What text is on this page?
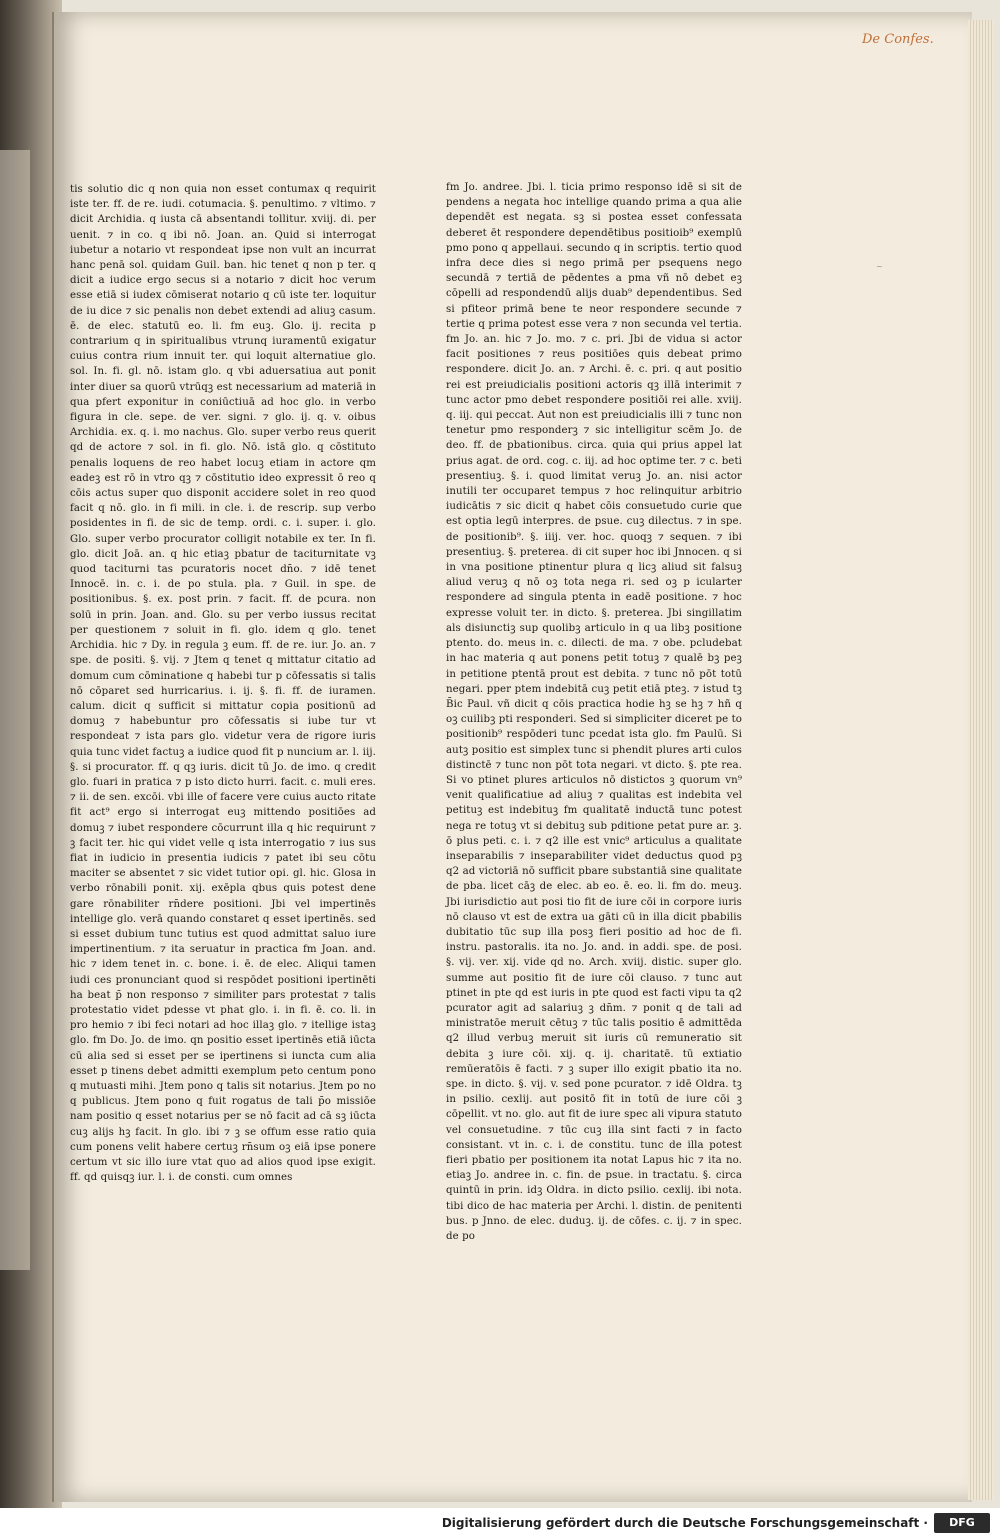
De Confes.
~

tis solutio dic q non quia non esset contumax q requirit iste ter. ff. de re. iudi. cotumacia. §. penultimo. ⁊ vltimo. ⁊ dicit Archidia. q iusta cā absentandi tollitur. xviij. di. per uenit. ⁊ in co. q ibi nō. Joan. an. Quid si interrogat iubetur a notario vt respondeat ipse non vult an incurrat hanc penā sol. quidam Guil. ban. hic tenet q non p ter. q dicit a iudice ergo secus si a notario ⁊ dicit hoc verum esse etiā si iudex cōmiserat notario q cū iste ter. loquitur de iu dice ⁊ sic penalis non debet extendi ad aliuꝫ casum. ē. de elec. statutū eo. li. fm euꝫ. Glo. ij. recita p contrarium q in spiritualibus vtrunq iuramentū exigatur cuius contra rium innuit ter. qui loquit alternatiue glo. sol. In. fi. gl. nō. istam glo. q vbi aduersatiua aut ponit inter diuer sa quorū vtrūqꝫ est necessarium ad materiā in qua pfert exponitur in coniūctiuā ad hoc glo. in verbo figura in cle. sepe. de ver. signi. ⁊ glo. ij. q. v. oibus Archidia. ex. q. i. mo nachus. Glo. super verbo reus querit qd de actore ⁊ sol. in fi. glo. Nō. istā glo. q cōstituto penalis loquens de reo habet locuꝫ etiam in actore qm eadeꝫ est rō in vtro qꝫ ⁊ cōstitutio ideo expressit ō reo q cōis actus super quo disponit accidere solet in reo quod facit q nō. glo. in fi mili. in cle. i. de rescrip. sup verbo posidentes in fi. de sic de temp. ordi. c. i. super. i. glo. Glo. super verbo procurator colligit notabile ex ter. In fi. glo. dicit Joā. an. q hic etiaꝫ pbatur de taciturnitate vꝫ quod taciturni tas pcuratoris nocet dn̄o. ⁊ idē tenet Innocē. in. c. i. de po stula. pla. ⁊ Guil. in spe. de positionibus. §. ex. post prin. ⁊ facit. ff. de pcura. non solū in prin. Joan. and. Glo. su per verbo iussus recitat per questionem ⁊ soluit in fi. glo. idem q glo. tenet Archidia. hic ⁊ Dy. in regula ꝫ eum. ff. de re. iur. Jo. an. ⁊ spe. de positi. §. vij. ⁊ Jtem q tenet q mittatur citatio ad domum cum cōminatione q habebi tur p cōfessatis si talis nō cōparet sed hurricarius. i. ij. §. fi. ff. de iuramen. calum. dicit q sufficit si mittatur copia positionū ad domuꝫ ⁊ habebuntur pro cōfessatis si iube tur vt respondeat ⁊ ista pars glo. videtur vera de rigore iuris quia tunc videt factuꝫ a iudice quod fit p nuncium ar. l. iij. §. si procurator. ff. q qꝫ iuris. dicit tū Jo. de imo. q credit glo. fuari in pratica ⁊ p isto dicto hurri. facit. c. muli eres. ⁊ ii. de sen. excōi. vbi ille of facere vere cuius aucto ritate fit act⁹ ergo si interrogat euꝫ mittendo positiōes ad domuꝫ ⁊ iubet respondere cōcurrunt illa q hic requirunt ⁊ ꝫ facit ter. hic qui videt velle q ista interrogatio ⁊ ius sus fiat in iudicio in presentia iudicis ⁊ patet ibi seu cōtu maciter se absentet ⁊ sic videt tutior opi. gl. hic. Glosa in verbo rōnabili ponit. xij. exēpla qbus quis potest dene gare rōnabiliter rn̄dere positioni. Jbi vel impertinēs intellige glo. verā quando constaret q esset ipertinēs. sed si esset dubium tunc tutius est quod admittat saluo iure impertinentium. ⁊ ita seruatur in practica fm Joan. and. hic ⁊ idem tenet in. c. bone. i. ē. de elec. Aliqui tamen iudi ces pronunciant quod si respōdet positioni ipertinēti ha beat p̄ non responso ⁊ similiter pars protestat ⁊ talis protestatio videt pdesse vt phat glo. i. in fi. ē. co. li. in pro hemio ⁊ ibi feci notari ad hoc illaꝫ glo. ⁊ itellige istaꝫ glo. fm Do. Jo. de imo. qn positio esset ipertinēs etiā iūcta cū alia sed si esset per se ipertinens si iuncta cum alia esset p tinens debet admitti exemplum peto centum pono q mutuasti mihi. Jtem pono q talis sit notarius. Jtem po no q publicus. Jtem pono q fuit rogatus de tali p̄o missiōe nam positio q esset notarius per se nō facit ad cā sꝫ iūcta cuꝫ alijs hꝫ facit. In glo. ibi ⁊ ꝫ se offum esse ratio quia cum ponens velit habere certuꝫ rn̄sum oꝫ eiā ipse ponere certum vt sic illo iure vtat quo ad alios quod ipse exigit. ff. qd quisqꝫ iur. l. i. de consti. cum omnes

fm Jo. andree. Jbi. l. ticia primo responso idē si sit de pendens a negata hoc intellige quando prima a qua alie dependēt est negata. sꝫ si postea esset confessata deberet ēt respondere dependētibus positioib⁹ exemplū pmo pono q appellaui. secundo q in scriptis. tertio quod infra dece dies si nego primā per psequens nego secundā ⁊ tertiā de pēdentes a pma vñ nō debet eꝫ cōpelli ad respondendū alijs duab⁹ dependentibus. Sed si pfiteor primā bene te neor respondere secunde ⁊ tertie q prima potest esse vera ⁊ non secunda vel tertia. fm Jo. an. hic ⁊ Jo. mo. ⁊ c. pri. Jbi de vidua si actor facit positiones ⁊ reus positiōes quis debeat primo respondere. dicit Jo. an. ⁊ Archi. ē. c. pri. q aut positio rei est preiudicialis positioni actoris qꝫ illā interimit ⁊ tunc actor pmo debet respondere positiōi rei alle. xviij. q. iij. qui peccat. Aut non est preiudicialis illi ⁊ tunc non tenetur pmo responderꝫ ⁊ sic intelligitur scēm Jo. de deo. ff. de pbationibus. circa. quia qui prius appel lat prius agat. de ord. cog. c. iij. ad hoc optime ter. ⁊ c. beti presentiuꝫ. §. i. quod limitat veruꝫ Jo. an. nisi actor inutili ter occuparet tempus ⁊ hoc relinquitur arbitrio iudicātis ⁊ sic dicit q habet cōis consuetudo curie que est optia legū interpres. de psue. cuꝫ dilectus. ⁊ in spe. de positionib⁹. §. iiij. ver. hoc. quoqꝫ ⁊ sequen. ⁊ ibi presentiuꝫ. §. preterea. di cit super hoc ibi Jnnocen. q si in vna positione ptinentur plura q licꝫ aliud sit falsuꝫ aliud veruꝫ q nō oꝫ tota nega ri. sed oꝫ p icularter respondere ad singula ptenta in eadē positione. ⁊ hoc expresse voluit ter. in dicto. §. preterea. Jbi singillatim als disiunctiꝫ sup quolibꝫ articulo in q ua libꝫ positione ptento. do. meus in. c. dilecti. de ma. ⁊ obe. pcludebat in hac materia q aut ponens petit totuꝫ ⁊ qualē bꝫ peꝫ in petitione ptentā prout est debita. ⁊ tunc nō pōt totū negari. pper ptem indebitā cuꝫ petit etiā pteꝫ. ⁊ istud tꝫ B̄ic Paul. vñ dicit q cōis practica hodie hꝫ se hꝫ ⁊ hñ q oꝫ cuilibꝫ pti responderi. Sed si simpliciter diceret pe to positionib⁹ respōderi tunc pcedat ista glo. fm Paulū. Si autꝫ positio est simplex tunc si phendit plures arti culos distinctē ⁊ tunc non pōt tota negari. vt dicto. §. pte rea. Si vo ptinet plures articulos nō distictos ꝫ quorum vn⁹ venit qualificatiue ad aliuꝫ ⁊ qualitas est indebita vel petituꝫ est indebituꝫ fm qualitatē inductā tunc potest nega re totuꝫ vt si debituꝫ sub pditione petat pure ar. ꝫ. ō plus peti. c. i. ⁊ q2 ille est vnic⁹ articulus a qualitate inseparabilis ⁊ inseparabiliter videt deductus quod pꝫ q2 ad victoriā nō sufficit pbare substantiā sine qualitate de pba. licet cāꝫ de elec. ab eo. ē. eo. li. fm do. meuꝫ. Jbi iurisdictio aut posi tio fit de iure cōi in corpore iuris nō clauso vt est de extra ua gāti cū in illa dicit pbabilis dubitatio tūc sup illa posꝫ fieri positio ad hoc de fi. instru. pastoralis. ita no. Jo. and. in addi. spe. de posi. §. vij. ver. xij. vide qd no. Arch. xviij. distic. super glo. summe aut positio fit de iure cōi clauso. ⁊ tunc aut ptinet in pte qd est iuris in pte quod est facti vipu ta q2 pcurator agit ad salariuꝫ ꝫ dn̄m. ⁊ ponit q de tali ad ministratōe meruit cētuꝫ ⁊ tūc talis positio ē admittēda q2 illud verbuꝫ meruit sit iuris cū remuneratio sit debita ꝫ iure cōi. xij. q. ij. charitatē. tū extiatio remūeratōis ē facti. ⁊ ꝫ super illo exigit pbatio ita no. spe. in dicto. §. vij. v. sed pone pcurator. ⁊ idē Oldra. tꝫ in psilio. cexlij. aut positō fit in totū de iure cōi ꝫ cōpellit. vt no. glo. aut fit de iure spec ali vipura statuto vel consuetudine. ⁊ tūc cuꝫ illa sint facti ⁊ in facto consistant. vt in. c. i. de constitu. tunc de illa potest fieri pbatio per positionem ita notat Lapus hic ⁊ ita no. etiaꝫ Jo. andree in. c. fin. de psue. in tractatu. §. circa quintū in prin. idꝫ Oldra. in dicto psilio. cexlij. ibi nota. tibi dico de hac materia per Archi. l. distin. de penitenti bus. p Jnno. de elec. duduꝫ. ij. de cōfes. c. ij. ⁊ in spec. de po

Digitalisierung gefördert durch die Deutsche Forschungsgemeinschaft ·	DFG
